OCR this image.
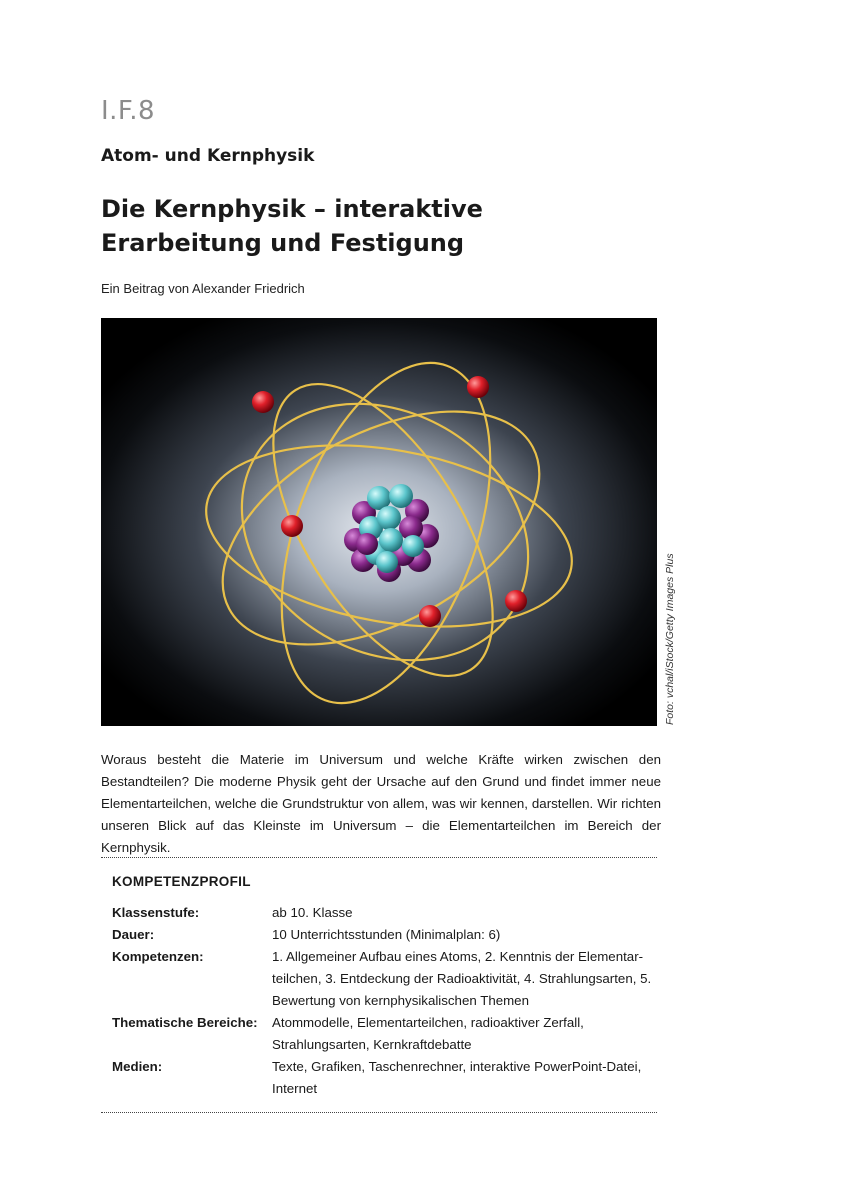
I.F.8
Atom- und Kernphysik
Die Kernphysik – interaktive
Erarbeitung und Festigung
Ein Beitrag von Alexander Friedrich
Foto: vchal/iStock/Getty Images Plus
Woraus besteht die Materie im Universum und welche Kräfte wirken zwischen den Bestandteilen? Die moderne Physik geht der Ursache auf den Grund und findet immer neue Elementarteilchen, welche die Grundstruktur von allem, was wir kennen, darstellen. Wir richten unseren Blick auf das Kleinste im Universum – die Elementarteilchen im Bereich der Kernphysik.
KOMPETENZPROFIL
Klassenstufe:	ab 10. Klasse
Dauer:	10 Unterrichtsstunden (Minimalplan: 6)
Kompetenzen:	1. Allgemeiner Aufbau eines Atoms, 2. Kenntnis der Elementarteilchen, 3. Entdeckung der Radioaktivität, 4. Strahlungsarten, 5. Bewertung von kernphysikalischen Themen
Thematische Bereiche:	Atommodelle, Elementarteilchen, radioaktiver Zerfall, Strahlungsarten, Kernkraftdebatte
Medien:	Texte, Grafiken, Taschenrechner, interaktive PowerPoint-Datei, Internet
